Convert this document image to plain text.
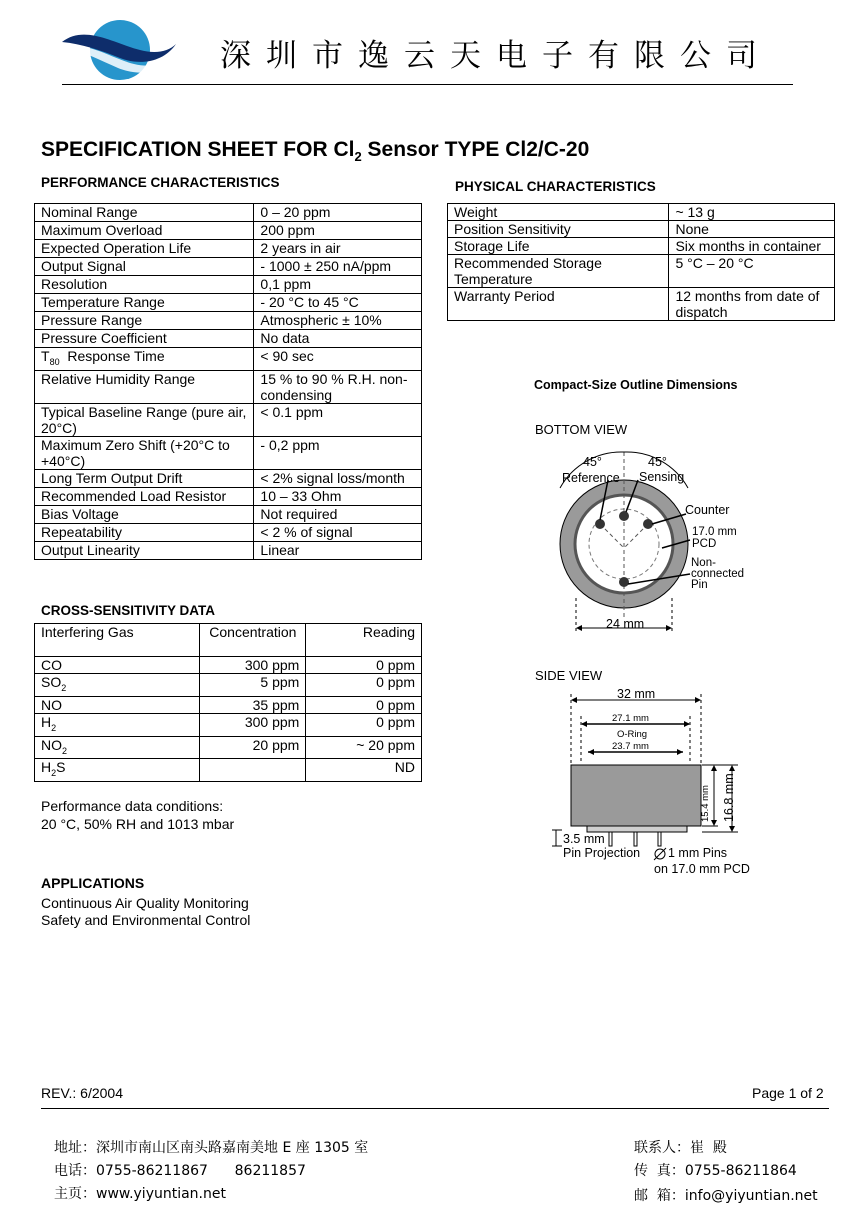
深圳市逸云天电子有限公司
SPECIFICATION SHEET FOR $Cl_2$ Sensor TYPE Cl2/C-20
PERFORMANCE CHARACTERISTICS
Nominal Range	0 – 20 ppm
Maximum Overload	200 ppm
Expected Operation Life	2 years in air
Output Signal	- 1000 ± 250 nA/ppm
Resolution	0,1 ppm
Temperature Range	- 20 °C to 45 °C
Pressure Range	Atmospheric ± 10%
Pressure Coefficient	No data
$T_{80}$  Response Time	< 90 sec
Relative Humidity Range	15 % to 90 % R.H. non-condensing
Typical Baseline Range (pure air, 20°C)	< 0.1 ppm
Maximum Zero Shift (+20°C to +40°C)	- 0,2 ppm
Long Term Output Drift	< 2% signal loss/month
Recommended Load Resistor	10 – 33 Ohm
Bias Voltage	Not required
Repeatability	< 2 % of signal
Output Linearity	Linear
CROSS-SENSITIVITY DATA
Interfering Gas	Concentration	Reading
CO	300 ppm	0 ppm
$SO_2$	5 ppm	0 ppm
NO	35 ppm	0 ppm
$H_2$	300 ppm	0 ppm
$NO_2$	20 ppm	~ 20 ppm
$H_2S$		ND
Performance data conditions:
20 °C, 50% RH and 1013 mbar
APPLICATIONS
Continuous Air Quality Monitoring
Safety and Environmental Control
PHYSICAL CHARACTERISTICS
Weight	~ 13 g
Position Sensitivity	None
Storage Life	Six months in container
Recommended Storage Temperature	5 °C – 20 °C
Warranty Period	12 months from date of dispatch
Compact-Size Outline Dimensions
BOTTOM VIEW
45°	45°
Reference Sensing
Counter
17.0 mm
PCD
Non-
connected
Pin
24 mm
SIDE VIEW
32 mm
27.1 mm
O-Ring
23.7 mm
15.4 mm 16.8 mm
3.5 mm
Pin Projection 1 mm Pins
on 17.0 mm PCD
REV.: 6/2004	Page 1 of 2
地址：深圳市南山区南头路嘉南美地 E 座 1305 室
电话：0755-86211867      86211857
主页：www.yiyuntian.net
联系人：崔  殿
传  真：0755-86211864
邮  箱：info@yiyuntian.net
